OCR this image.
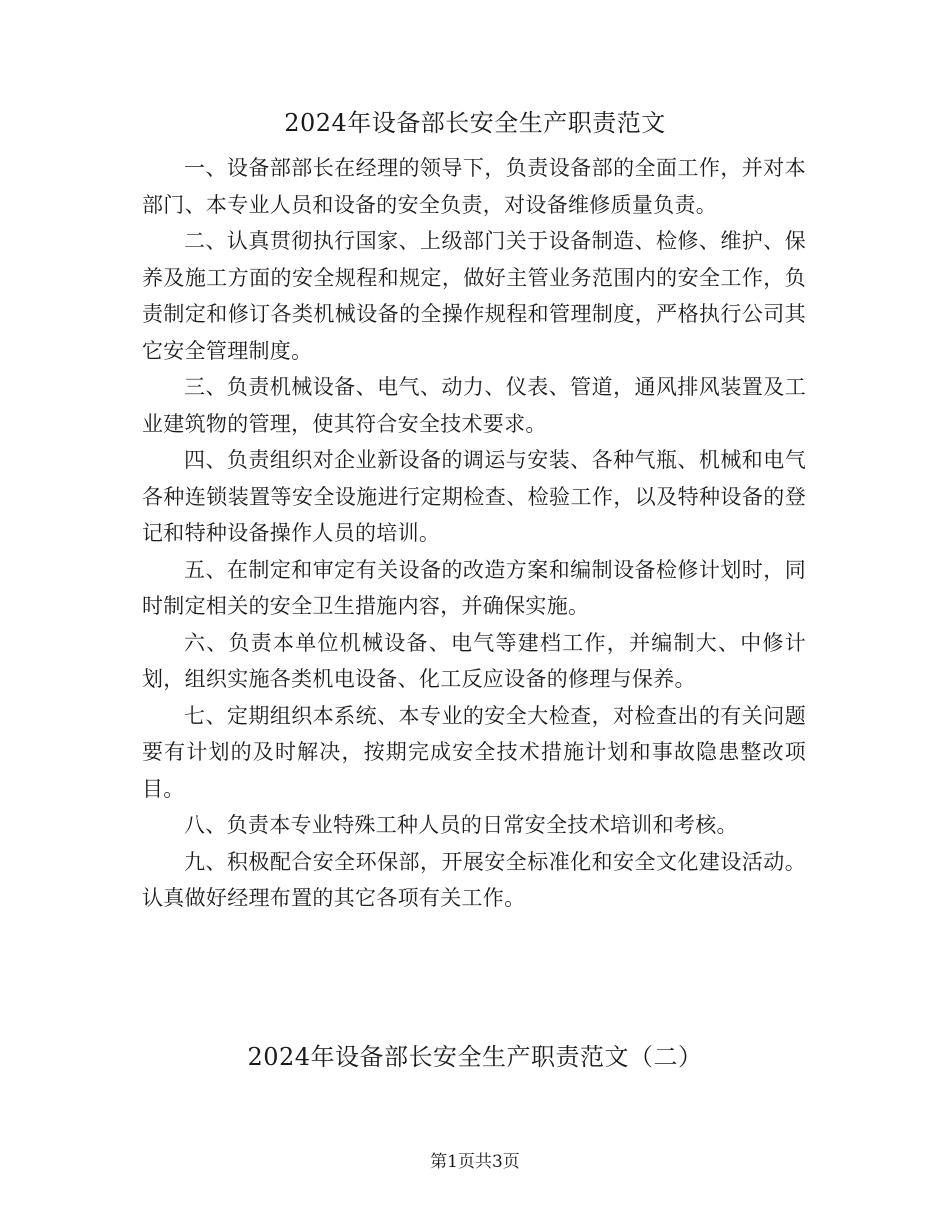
2024年设备部长安全生产职责范文

一、设备部部长在经理的领导下，负责设备部的全面工作，并对本部门、本专业人员和设备的安全负责，对设备维修质量负责。

二、认真贯彻执行国家、上级部门关于设备制造、检修、维护、保养及施工方面的安全规程和规定，做好主管业务范围内的安全工作，负责制定和修订各类机械设备的全操作规程和管理制度，严格执行公司其它安全管理制度。

三、负责机械设备、电气、动力、仪表、管道，通风排风装置及工业建筑物的管理，使其符合安全技术要求。

四、负责组织对企业新设备的调运与安装、各种气瓶、机械和电气各种连锁装置等安全设施进行定期检查、检验工作，以及特种设备的登记和特种设备操作人员的培训。

五、在制定和审定有关设备的改造方案和编制设备检修计划时，同时制定相关的安全卫生措施内容，并确保实施。

六、负责本单位机械设备、电气等建档工作，并编制大、中修计划，组织实施各类机电设备、化工反应设备的修理与保养。

七、定期组织本系统、本专业的安全大检查，对检查出的有关问题要有计划的及时解决，按期完成安全技术措施计划和事故隐患整改项目。

八、负责本专业特殊工种人员的日常安全技术培训和考核。

九、积极配合安全环保部，开展安全标准化和安全文化建设活动。认真做好经理布置的其它各项有关工作。

2024年设备部长安全生产职责范文（二）
第1页共3页
